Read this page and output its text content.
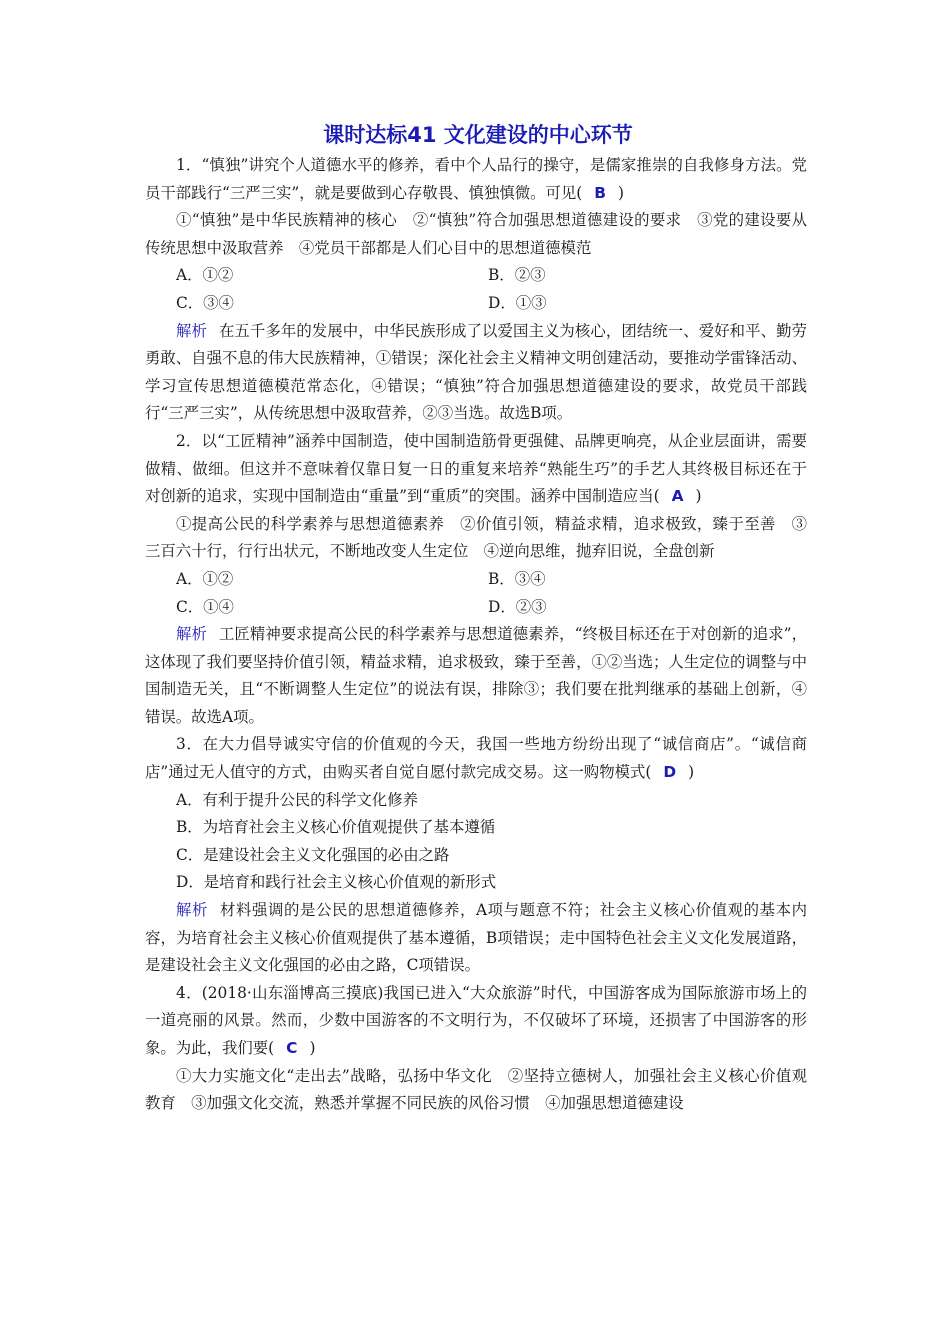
课时达标41 文化建设的中心环节

1．“慎独”讲究个人道德水平的修养，看中个人品行的操守，是儒家推崇的自我修身方法。党员干部践行“三严三实”，就是要做到心存敬畏、慎独慎微。可见( B )

①“慎独”是中华民族精神的核心　②“慎独”符合加强思想道德建设的要求　③党的建设要从传统思想中汲取营养　④党员干部都是人们心目中的思想道德模范

A．①②	B．②③
C．③④	D．①③

解析 在五千多年的发展中，中华民族形成了以爱国主义为核心，团结统一、爱好和平、勤劳勇敢、自强不息的伟大民族精神，①错误；深化社会主义精神文明创建活动，要推动学雷锋活动、学习宣传思想道德模范常态化，④错误；“慎独”符合加强思想道德建设的要求，故党员干部践行“三严三实”，从传统思想中汲取营养，②③当选。故选B项。

2．以“工匠精神”涵养中国制造，使中国制造筋骨更强健、品牌更响亮，从企业层面讲，需要做精、做细。但这并不意味着仅靠日复一日的重复来培养“熟能生巧”的手艺人其终极目标还在于对创新的追求，实现中国制造由“重量”到“重质”的突围。涵养中国制造应当( A )

①提高公民的科学素养与思想道德素养　②价值引领，精益求精，追求极致，臻于至善　③三百六十行，行行出状元，不断地改变人生定位　④逆向思维，抛弃旧说，全盘创新

A．①②	B．③④
C．①④	D．②③

解析 工匠精神要求提高公民的科学素养与思想道德素养，“终极目标还在于对创新的追求”，这体现了我们要坚持价值引领，精益求精，追求极致，臻于至善，①②当选；人生定位的调整与中国制造无关，且“不断调整人生定位”的说法有误，排除③；我们要在批判继承的基础上创新，④错误。故选A项。

3．在大力倡导诚实守信的价值观的今天，我国一些地方纷纷出现了“诚信商店”。“诚信商店”通过无人值守的方式，由购买者自觉自愿付款完成交易。这一购物模式( D )

A．有利于提升公民的科学文化修养
B．为培育社会主义核心价值观提供了基本遵循
C．是建设社会主义文化强国的必由之路
D．是培育和践行社会主义核心价值观的新形式

解析 材料强调的是公民的思想道德修养，A项与题意不符；社会主义核心价值观的基本内容，为培育社会主义核心价值观提供了基本遵循，B项错误；走中国特色社会主义文化发展道路，是建设社会主义文化强国的必由之路，C项错误。

4．(2018·山东淄博高三摸底)我国已进入“大众旅游”时代，中国游客成为国际旅游市场上的一道亮丽的风景。然而，少数中国游客的不文明行为，不仅破坏了环境，还损害了中国游客的形象。为此，我们要( C )

①大力实施文化“走出去”战略，弘扬中华文化　②坚持立德树人，加强社会主义核心价值观教育　③加强文化交流，熟悉并掌握不同民族的风俗习惯　④加强思想道德建设
